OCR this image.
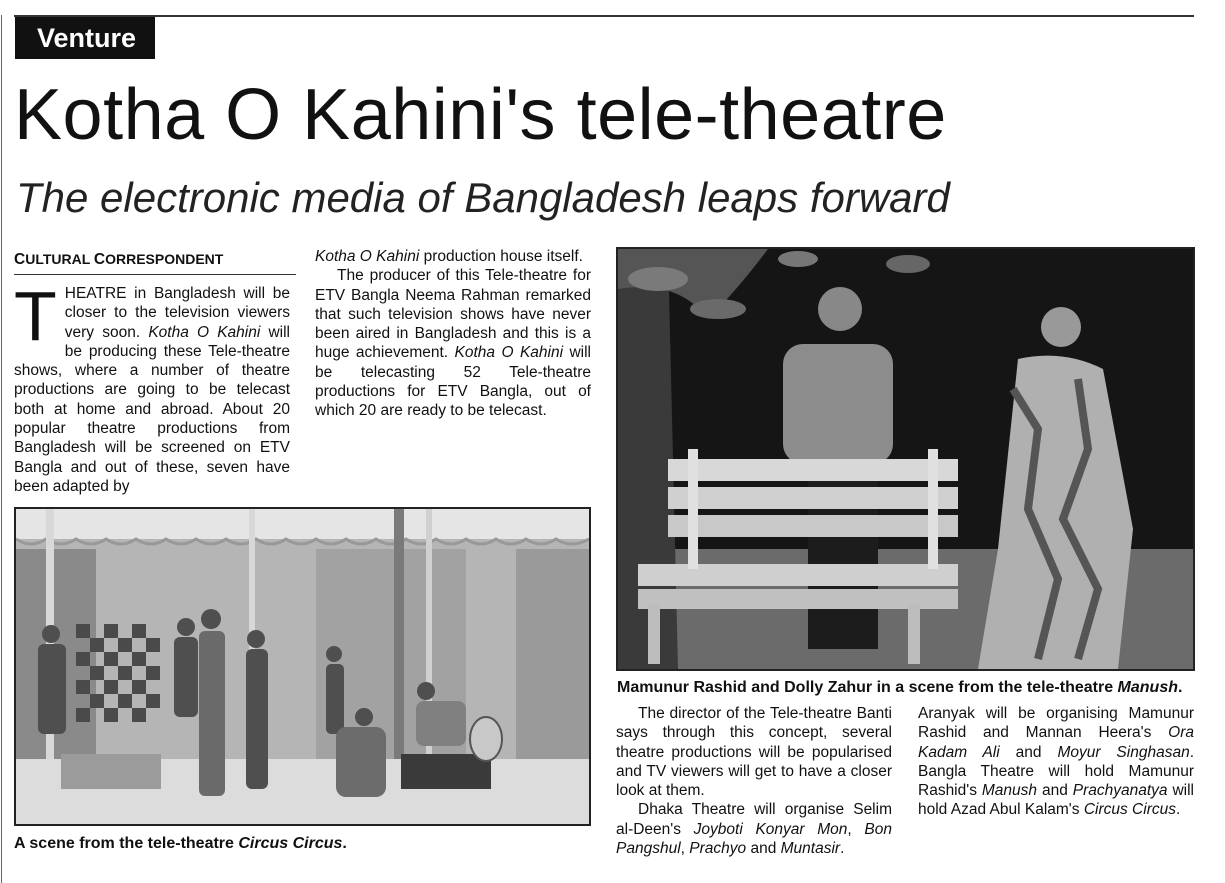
Venture
Kotha O Kahini's tele-theatre
The electronic media of Bangladesh leaps forward
CULTURAL CORRESPONDENT

THEATRE in Bangladesh will be closer to the television viewers very soon. Kotha O Kahini will be producing these Tele-theatre shows, where a number of theatre productions are going to be telecast both at home and abroad. About 20 popular theatre productions from Bangladesh will be screened on ETV Bangla and out of these, seven have been adapted by

Kotha O Kahini production house itself.

The producer of this Tele-theatre for ETV Bangla Neema Rahman remarked that such television shows have never been aired in Bangladesh and this is a huge achievement. Kotha O Kahini will be telecasting 52 Tele-theatre productions for ETV Bangla, out of which 20 are ready to be telecast.

Mamunur Rashid and Dolly Zahur in a scene from the tele-theatre Manush.
A scene from the tele-theatre Circus Circus.

The director of the Tele-theatre Banti says through this concept, several theatre productions will be popularised and TV viewers will get to have a closer look at them.

Dhaka Theatre will organise Selim al-Deen's Joyboti Konyar Mon, Bon Pangshul, Prachyo and Muntasir.

Aranyak will be organising Mamunur Rashid and Mannan Heera's Ora Kadam Ali and Moyur Singhasan. Bangla Theatre will hold Mamunur Rashid's Manush and Prachyanatya will hold Azad Abul Kalam's Circus Circus.
